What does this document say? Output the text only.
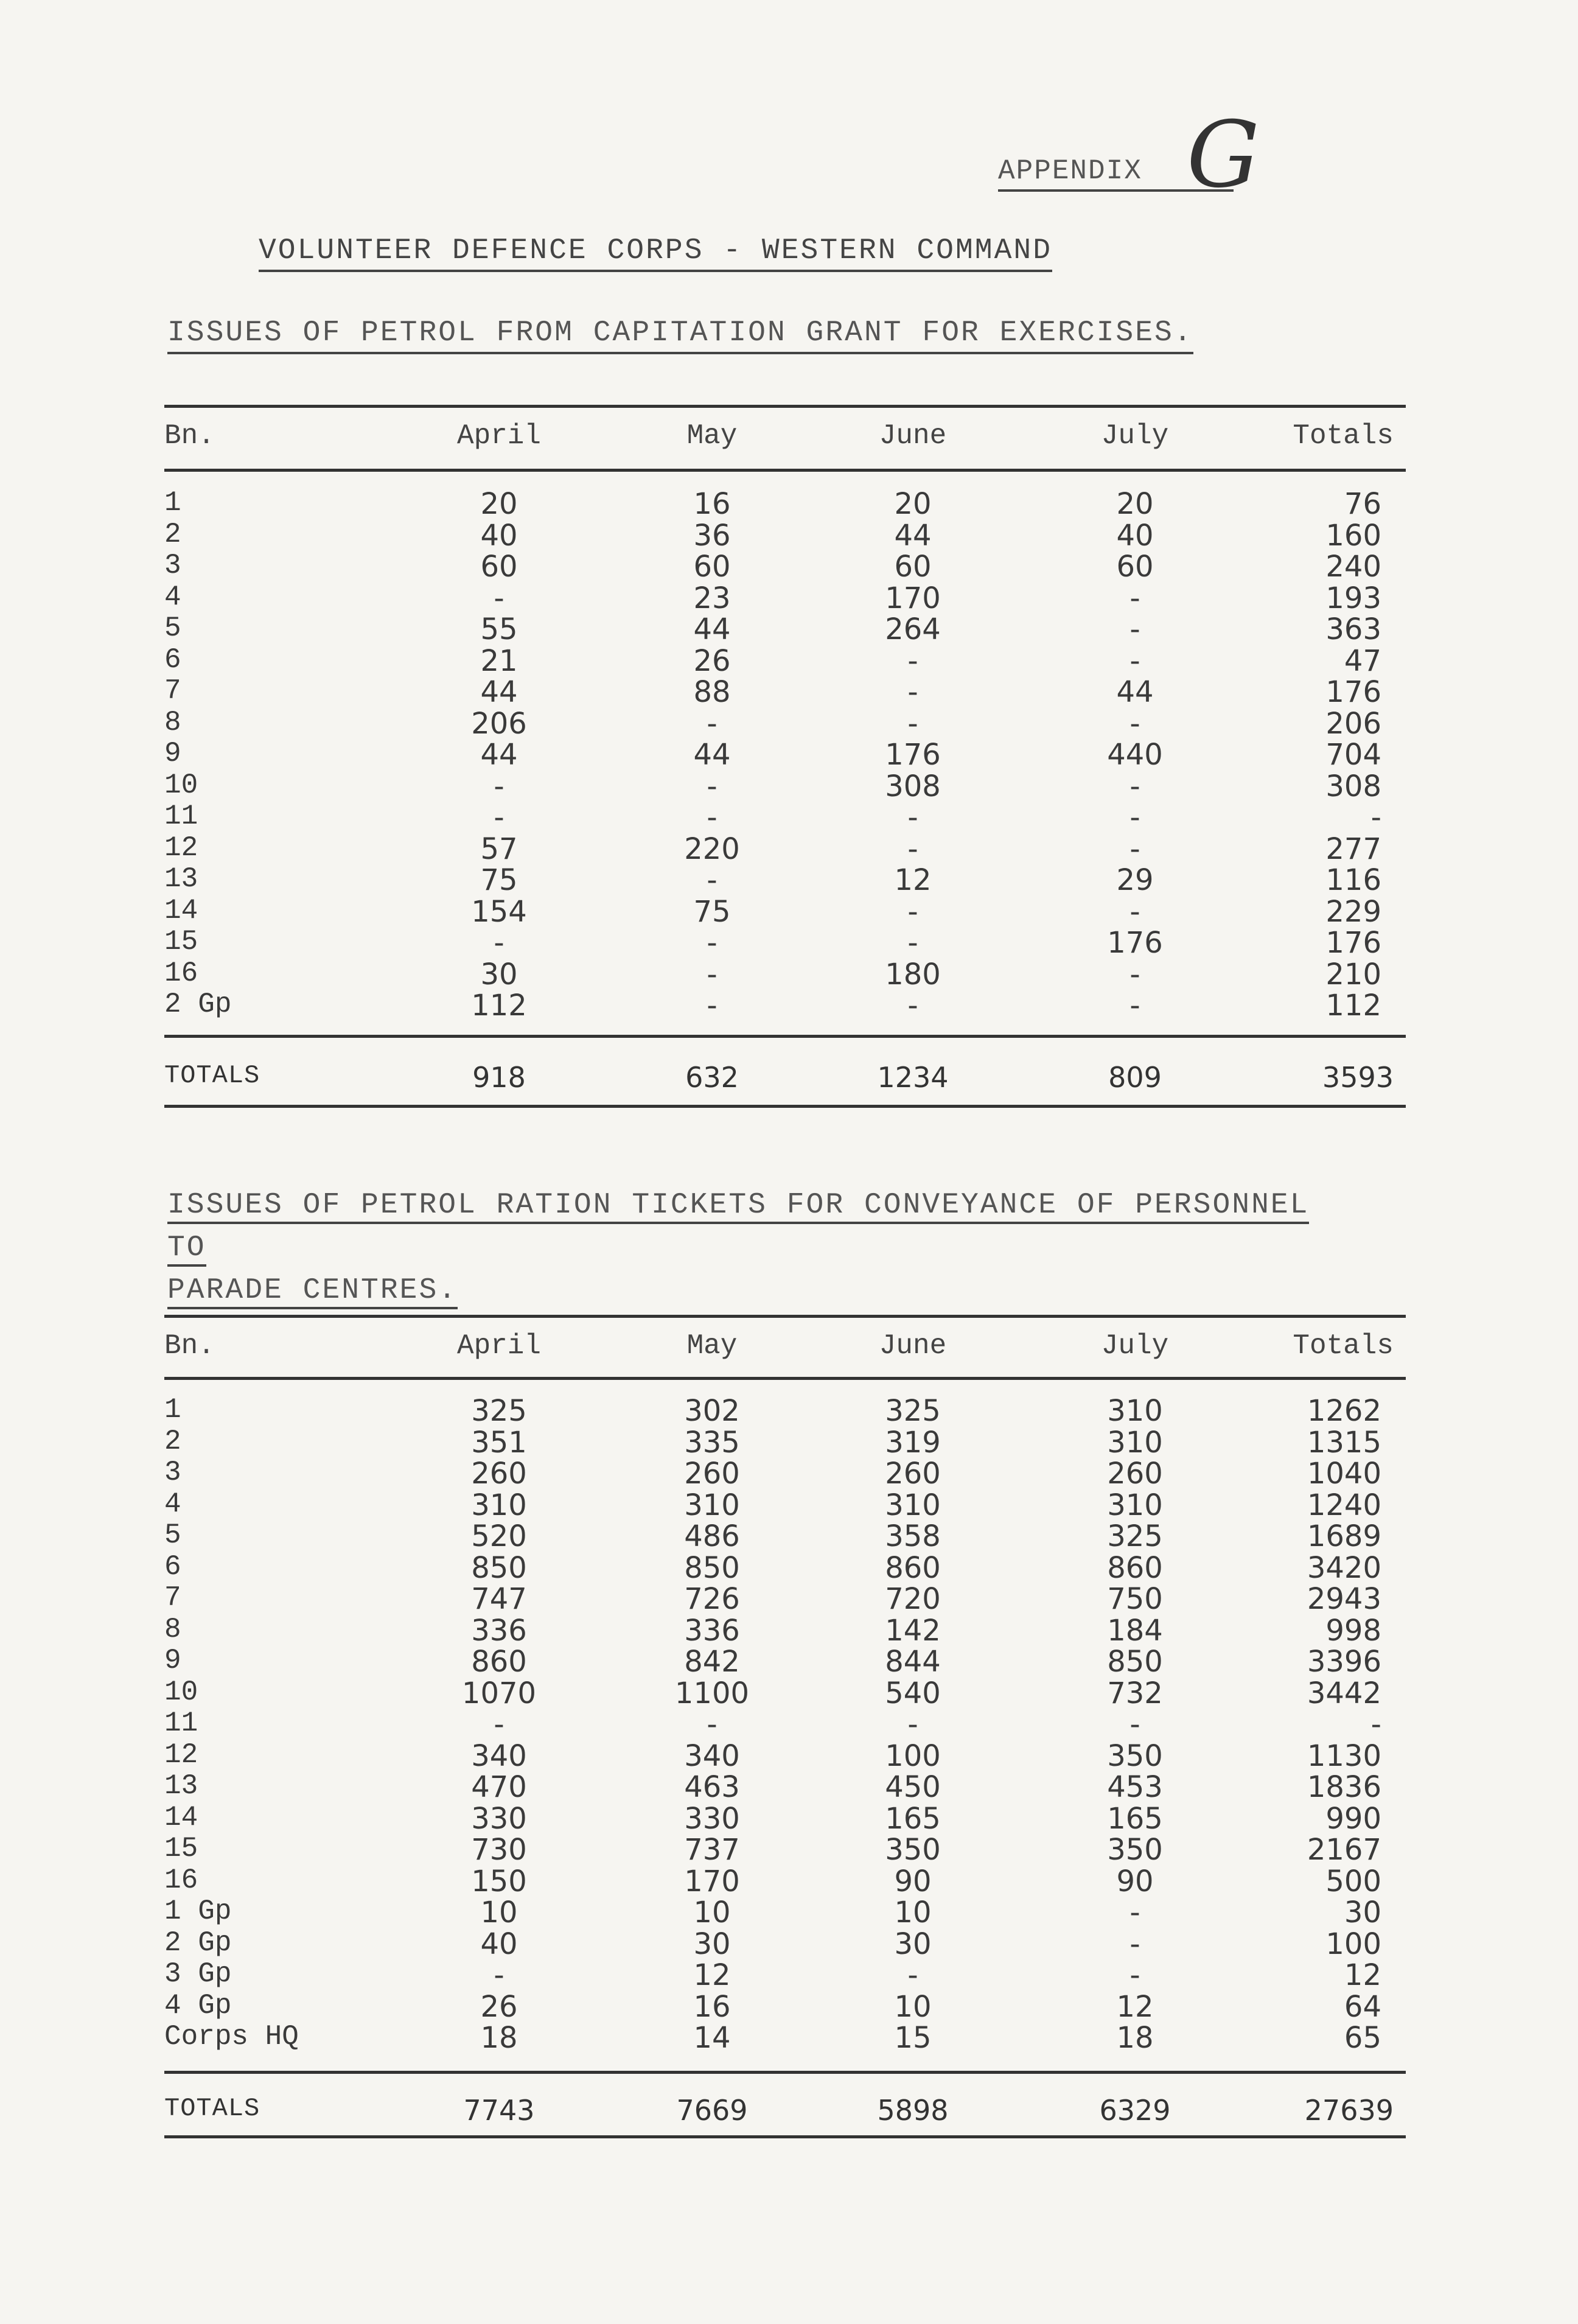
APPENDIX G
VOLUNTEER DEFENCE CORPS - WESTERN COMMAND
ISSUES OF PETROL FROM CAPITATION GRANT FOR EXERCISES.
Bn.	April	May	June	July	Totals
1	20	16	20	20	76
2	40	36	44	40	160
3	60	60	60	60	240
4	-	23	170	-	193
5	55	44	264	-	363
6	21	26	-	-	47
7	44	88	-	44	176
8	206	-	-	-	206
9	44	44	176	440	704
10	-	-	308	-	308
11	-	-	-	-	-
12	57	220	-	-	277
13	75	-	12	29	116
14	154	75	-	-	229
15	-	-	-	176	176
16	30	-	180	-	210
2 Gp	112	-	-	-	112
TOTALS	918	632	1234	809	3593
ISSUES OF PETROL RATION TICKETS FOR CONVEYANCE OF PERSONNEL TO
PARADE CENTRES.
Bn.	April	May	June	July	Totals
1	325	302	325	310	1262
2	351	335	319	310	1315
3	260	260	260	260	1040
4	310	310	310	310	1240
5	520	486	358	325	1689
6	850	850	860	860	3420
7	747	726	720	750	2943
8	336	336	142	184	998
9	860	842	844	850	3396
10	1070	1100	540	732	3442
11	-	-	-	-	-
12	340	340	100	350	1130
13	470	463	450	453	1836
14	330	330	165	165	990
15	730	737	350	350	2167
16	150	170	90	90	500
1 Gp	10	10	10	-	30
2 Gp	40	30	30	-	100
3 Gp	-	12	-	-	12
4 Gp	26	16	10	12	64
Corps HQ	18	14	15	18	65
TOTALS	7743	7669	5898	6329	27639
